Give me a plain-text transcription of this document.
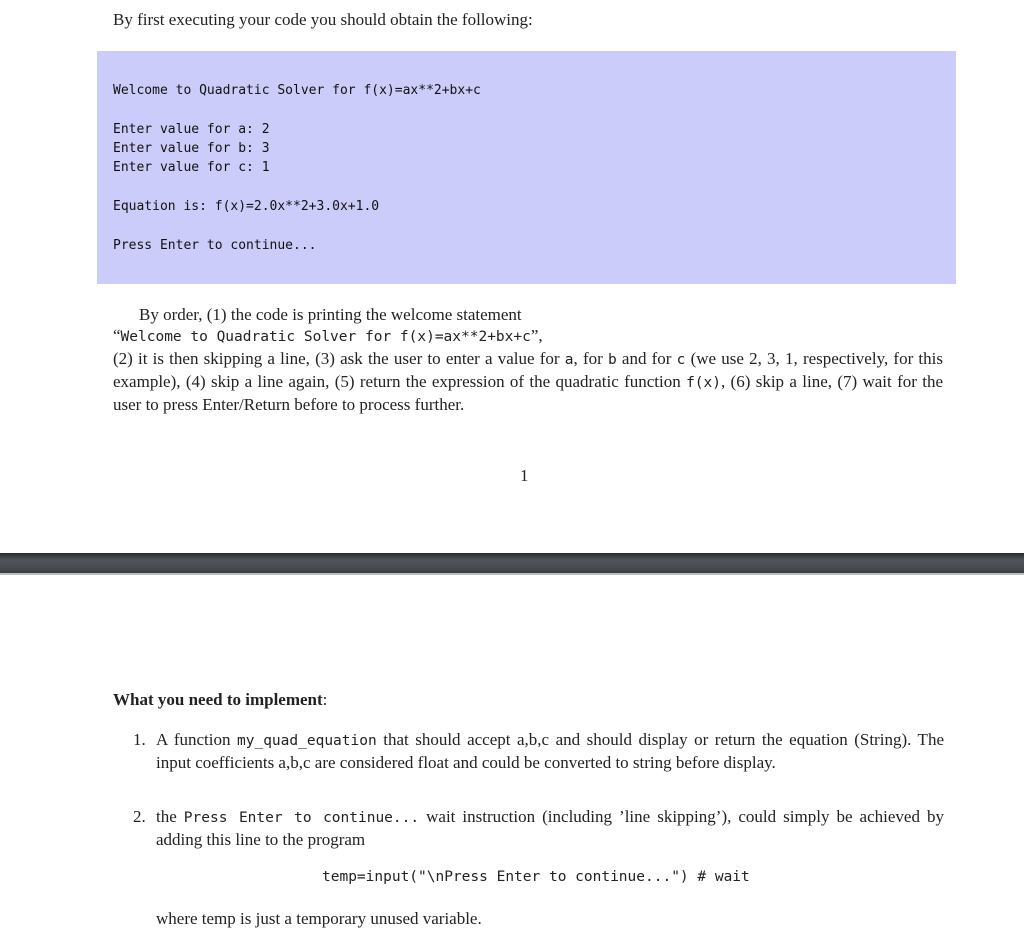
By first executing your code you should obtain the following:
Welcome to Quadratic Solver for f(x)=ax**2+bx+c
Enter value for a: 2
Enter value for b: 3
Enter value for c: 1
Equation is: f(x)=2.0x**2+3.0x+1.0
Press Enter to continue...
By order, (1) the code is printing the welcome statement
“Welcome to Quadratic Solver for f(x)=ax**2+bx+c”,
(2) it is then skipping a line, (3) ask the user to enter a value for a, for b and for c (we use 2, 3, 1, respectively, for this example), (4) skip a line again, (5) return the expression of the quadratic function f(x), (6) skip a line, (7) wait for the user to press Enter/Return before to process further.
1
What you need to implement:
1. A function my_quad_equation that should accept a,b,c and should display or return the equation (String). The input coefficients a,b,c are considered float and could be converted to string before display.
2. the Press Enter to continue... wait instruction (including ’line skipping’), could simply be achieved by adding this line to the program
temp=input("\nPress Enter to continue...") # wait
where temp is just a temporary unused variable.
